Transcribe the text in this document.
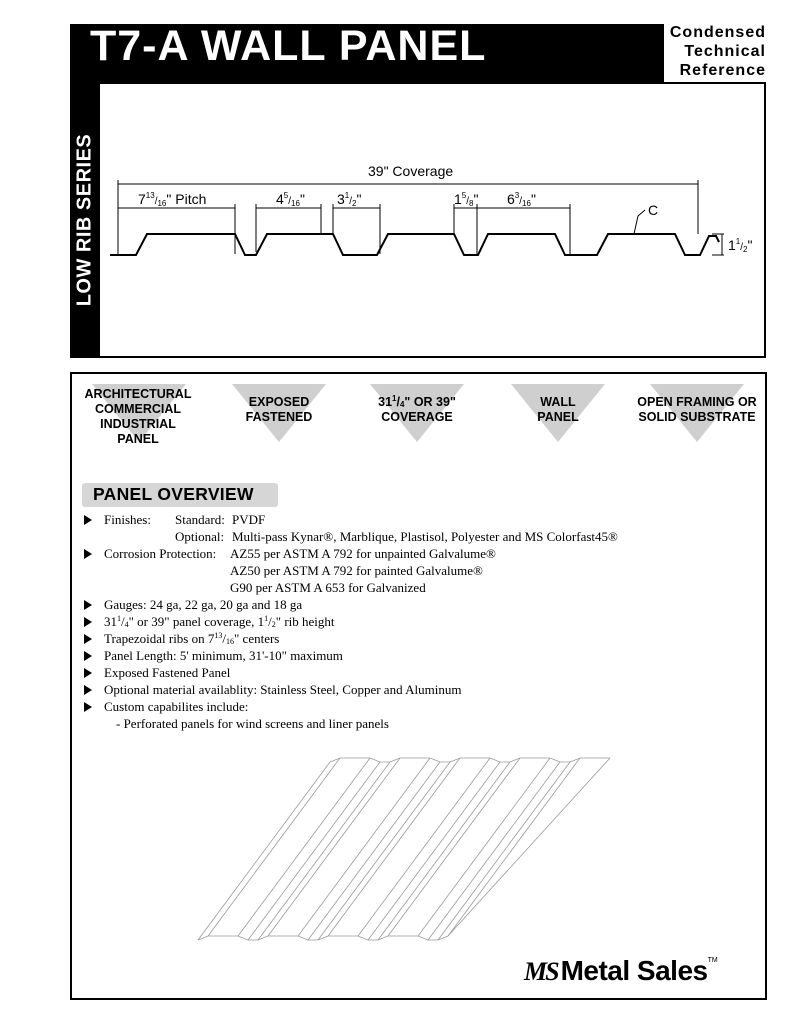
T7-A WALL PANEL	Condensed
Technical
Reference
LOW RIB SERIES	39" Coverage
$7^{13}_/16$" Pitch	$4^5_/16$" $3^1_/2$"	$1^5_/8$" $6^3_/16$"
C
$1^1_/2$"
ARCHITECTURAL
COMMERCIAL
INDUSTRIAL
PANEL
EXPOSED
FASTENED
$31^1/_4$" OR 39"
COVERAGE
WALL
PANEL
OPEN FRAMING OR
SOLID SUBSTRATE
PANEL OVERVIEW
Finishes: Standard: PVDF
Optional: Multi-pass Kynar®, Marblique, Plastisol, Polyester and MS Colorfast45®
Corrosion Protection: AZ55 per ASTM A 792 for unpainted Galvalume®
AZ50 per ASTM A 792 for painted Galvalume®
G90 per ASTM A 653 for Galvanized
Gauges: 24 ga, 22 ga, 20 ga and 18 ga
$31^1/_4$" or 39" panel coverage, $1^1/_2$" rib height
Trapezoidal ribs on $7^{13}/_{16}$" centers
Panel Length: 5' minimum, 31'-10" maximum
Exposed Fastened Panel
Optional material availablity: Stainless Steel, Copper and Aluminum
Custom capabilites include:
- Perforated panels for wind screens and liner panels
MS Metal Sales™
